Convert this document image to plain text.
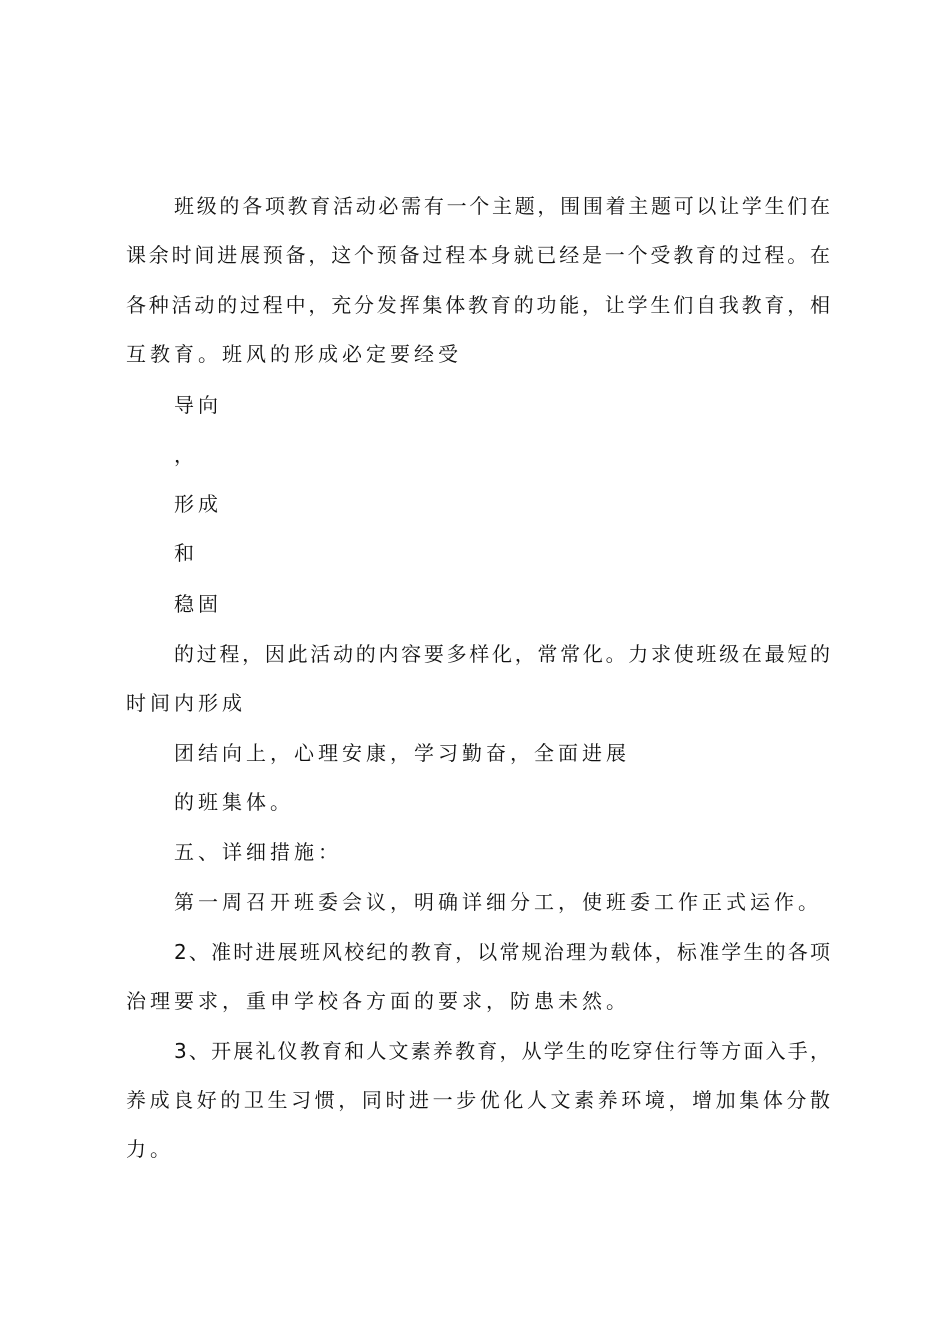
班级的各项教育活动必需有一个主题，围围着主题可以让学生们在

课余时间进展预备，这个预备过程本身就已经是一个受教育的过程。在

各种活动的过程中，充分发挥集体教育的功能，让学生们自我教育，相

互教育。班风的形成必定要经受

导向

，

形成

和

稳固

的过程，因此活动的内容要多样化，常常化。力求使班级在最短的

时间内形成

团结向上，心理安康，学习勤奋，全面进展

的班集体。

五、详细措施：

第一周召开班委会议，明确详细分工，使班委工作正式运作。

2、准时进展班风校纪的教育，以常规治理为载体，标准学生的各项

治理要求，重申学校各方面的要求，防患未然。

3、开展礼仪教育和人文素养教育，从学生的吃穿住行等方面入手，

养成良好的卫生习惯，同时进一步优化人文素养环境，增加集体分散

力。
